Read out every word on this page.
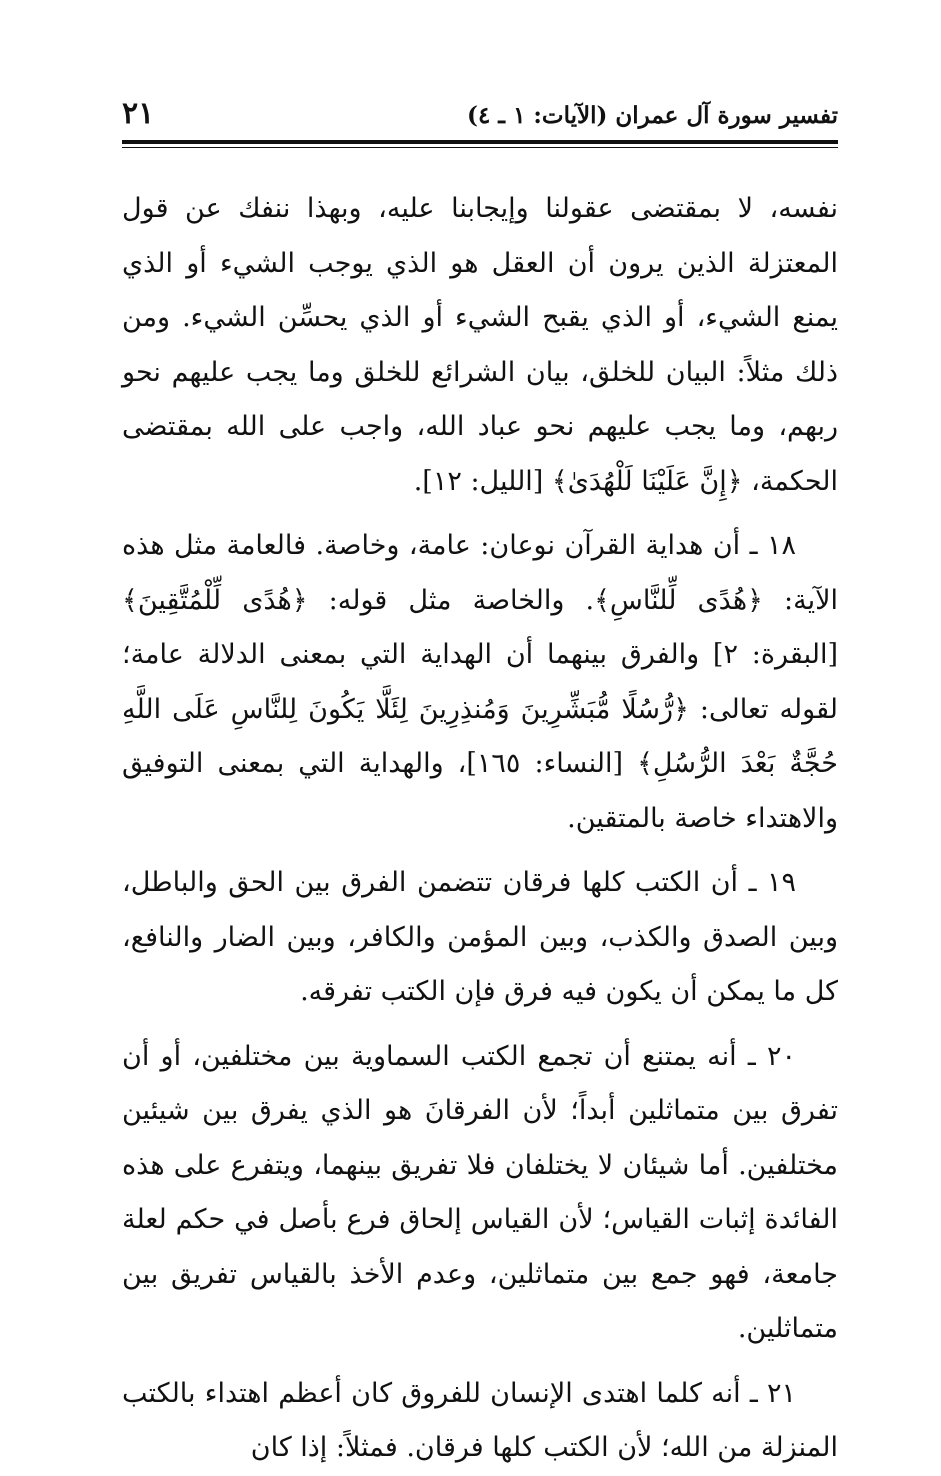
تفسير سورة آل عمران (الآيات: ١ ـ ٤)
٢١

نفسه، لا بمقتضى عقولنا وإيجابنا عليه، وبهذا ننفك عن قول المعتزلة الذين يرون أن العقل هو الذي يوجب الشيء أو الذي يمنع الشيء، أو الذي يقبح الشيء أو الذي يحسِّن الشيء. ومن ذلك مثلاً: البيان للخلق، بيان الشرائع للخلق وما يجب عليهم نحو ربهم، وما يجب عليهم نحو عباد الله، واجب على الله بمقتضى الحكمة، ﴿إِنَّ عَلَيْنَا لَلْهُدَىٰ﴾ [الليل: ١٢].

١٨ ـ أن هداية القرآن نوعان: عامة، وخاصة. فالعامة مثل هذه الآية: ﴿هُدًى لِّلنَّاسِ﴾. والخاصة مثل قوله: ﴿هُدًى لِّلْمُتَّقِينَ﴾ [البقرة: ٢] والفرق بينهما أن الهداية التي بمعنى الدلالة عامة؛ لقوله تعالى: ﴿رُّسُلًا مُّبَشِّرِينَ وَمُنذِرِينَ لِئَلَّا يَكُونَ لِلنَّاسِ عَلَى اللَّهِ حُجَّةٌ بَعْدَ الرُّسُلِ﴾ [النساء: ١٦٥]، والهداية التي بمعنى التوفيق والاهتداء خاصة بالمتقين.

١٩ ـ أن الكتب كلها فرقان تتضمن الفرق بين الحق والباطل، وبين الصدق والكذب، وبين المؤمن والكافر، وبين الضار والنافع، كل ما يمكن أن يكون فيه فرق فإن الكتب تفرقه.

٢٠ ـ أنه يمتنع أن تجمع الكتب السماوية بين مختلفين، أو أن تفرق بين متماثلين أبداً؛ لأن الفرقانَ هو الذي يفرق بين شيئين مختلفين. أما شيئان لا يختلفان فلا تفريق بينهما، ويتفرع على هذه الفائدة إثبات القياس؛ لأن القياس إلحاق فرع بأصل في حكم لعلة جامعة، فهو جمع بين متماثلين، وعدم الأخذ بالقياس تفريق بين متماثلين.

٢١ ـ أنه كلما اهتدى الإنسان للفروق كان أعظم اهتداء بالكتب المنزلة من الله؛ لأن الكتب كلها فرقان. فمثلاً: إذا كان
